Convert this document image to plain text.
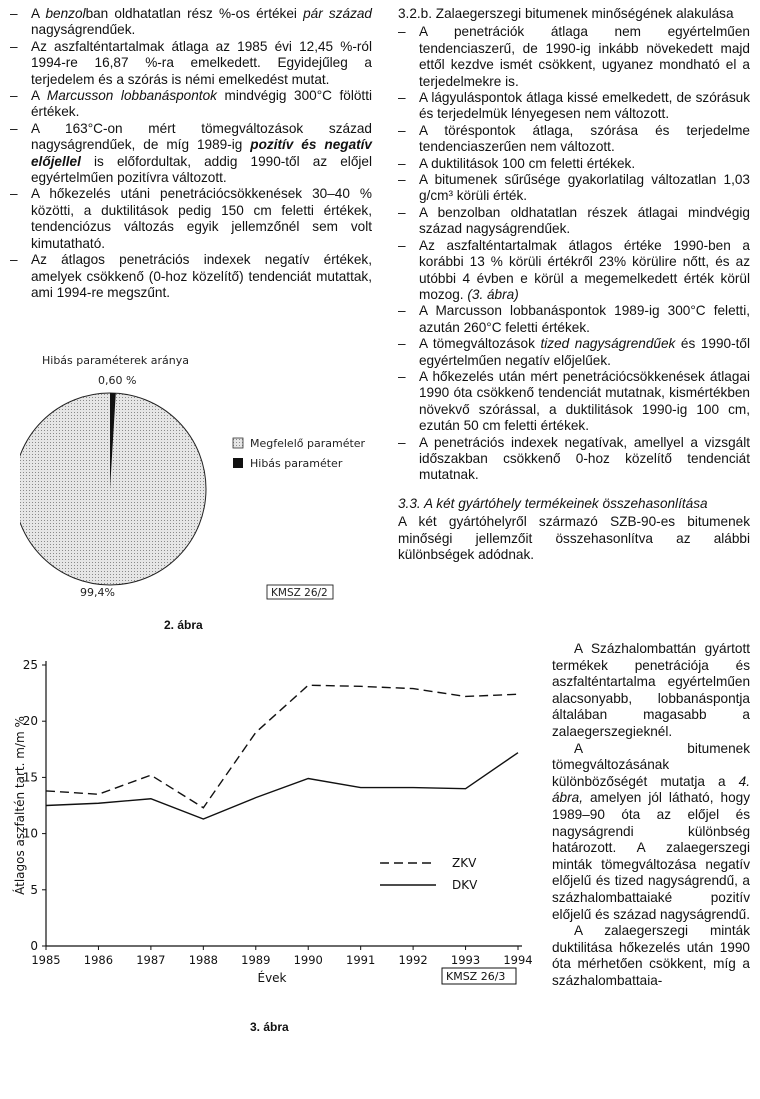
– A benzolban oldhatatlan rész %-os értékei pár század nagyságrendűek.
– Az aszfalténtartalmak átlaga az 1985 évi 12,45 %-ról 1994-re 16,87 %-ra emelkedett. Egyidejűleg a terjedelem és a szórás is némi emelkedést mutat.
– A Marcusson lobbanáspontok mindvégig 300°C fölötti értékek.
– A 163°C-on mért tömegváltozások század nagyságrendűek, de míg 1989-ig pozitív és negatív előjellel is előfordultak, addig 1990-től az előjel egyértelműen pozitívra változott.
– A hőkezelés utáni penetrációcsökkenések 30–40 % közötti, a duktilitások pedig 150 cm feletti értékek, tendenciózus változás egyik jellemzőnél sem volt kimutatható.
– Az átlagos penetrációs indexek negatív értékek, amelyek csökkenő (0-hoz közelítő) tendenciát mutattak, ami 1994-re megszűnt.
Hibás paraméterek aránya
0,60 %
Megfelelő paraméter
Hibás paraméter
99,4%	KMSZ 26/2
2. ábra
0
5
10
15
20
25
1985 1986 1987 1988 1989 1990 1991 1992 1993 1994
ZKV
DKV
Évek
Átlagos aszfaltén tart. m/m %
KMSZ 26/3
3. ábra
3.2.b. Zalaegerszegi bitumenek minőségének alakulása
– A penetrációk átlaga nem egyértelműen tendenciaszerű, de 1990-ig inkább növekedett majd ettől kezdve ismét csökkent, ugyanez mondható el a terjedelmekre is.
– A lágyuláspontok átlaga kissé emelkedett, de szórásuk és terjedelmük lényegesen nem változott.
– A töréspontok átlaga, szórása és terjedelme tendenciaszerűen nem változott.
– A duktilitások 100 cm feletti értékek.
– A bitumenek sűrűsége gyakorlatilag változatlan 1,03 g/cm³ körüli érték.
– A benzolban oldhatatlan részek átlagai mindvégig század nagyságrendűek.
– Az aszfalténtartalmak átlagos értéke 1990-ben a korábbi 13 % körüli értékről 23% körülire nőtt, és az utóbbi 4 évben e körül a megemelkedett érték körül mozog. (3. ábra)
– A Marcusson lobbanáspontok 1989-ig 300°C feletti, azután 260°C feletti értékek.
– A tömegváltozások tized nagyságrendűek és 1990-től egyértelműen negatív előjelűek.
– A hőkezelés után mért penetrációcsökkenések átlagai 1990 óta csökkenő tendenciát mutatnak, kismértékben növekvő szórással, a duktilitások 1990-ig 100 cm, ezután 50 cm feletti értékek.
– A penetrációs indexek negatívak, amellyel a vizsgált időszakban csökkenő 0-hoz közelítő tendenciát mutatnak.
3.3. A két gyártóhely termékeinek összehasonlítása

A két gyártóhelyről származó SZB-90-es bitumenek minőségi jellemzőit összehasonlítva az alábbi különbségek adódnak.

A Százhalombattán gyártott termékek penetrációja és aszfalténtartalma egyértelműen alacsonyabb, lobbanáspontja általában magasabb a zalaegerszegieknél.

A bitumenek tömegváltozásának különbözőségét mutatja a 4. ábra, amelyen jól látható, hogy 1989–90 óta az előjel és nagyságrendi különbség határozott. A zalaegerszegi minták tömegváltozása negatív előjelű és tized nagyságrendű, a százhalombattaiaké pozitív előjelű és század nagyságrendű.

A zalaegerszegi minták duktilitása hőkezelés után 1990 óta mérhetően csökkent, míg a százhalombattaia-
